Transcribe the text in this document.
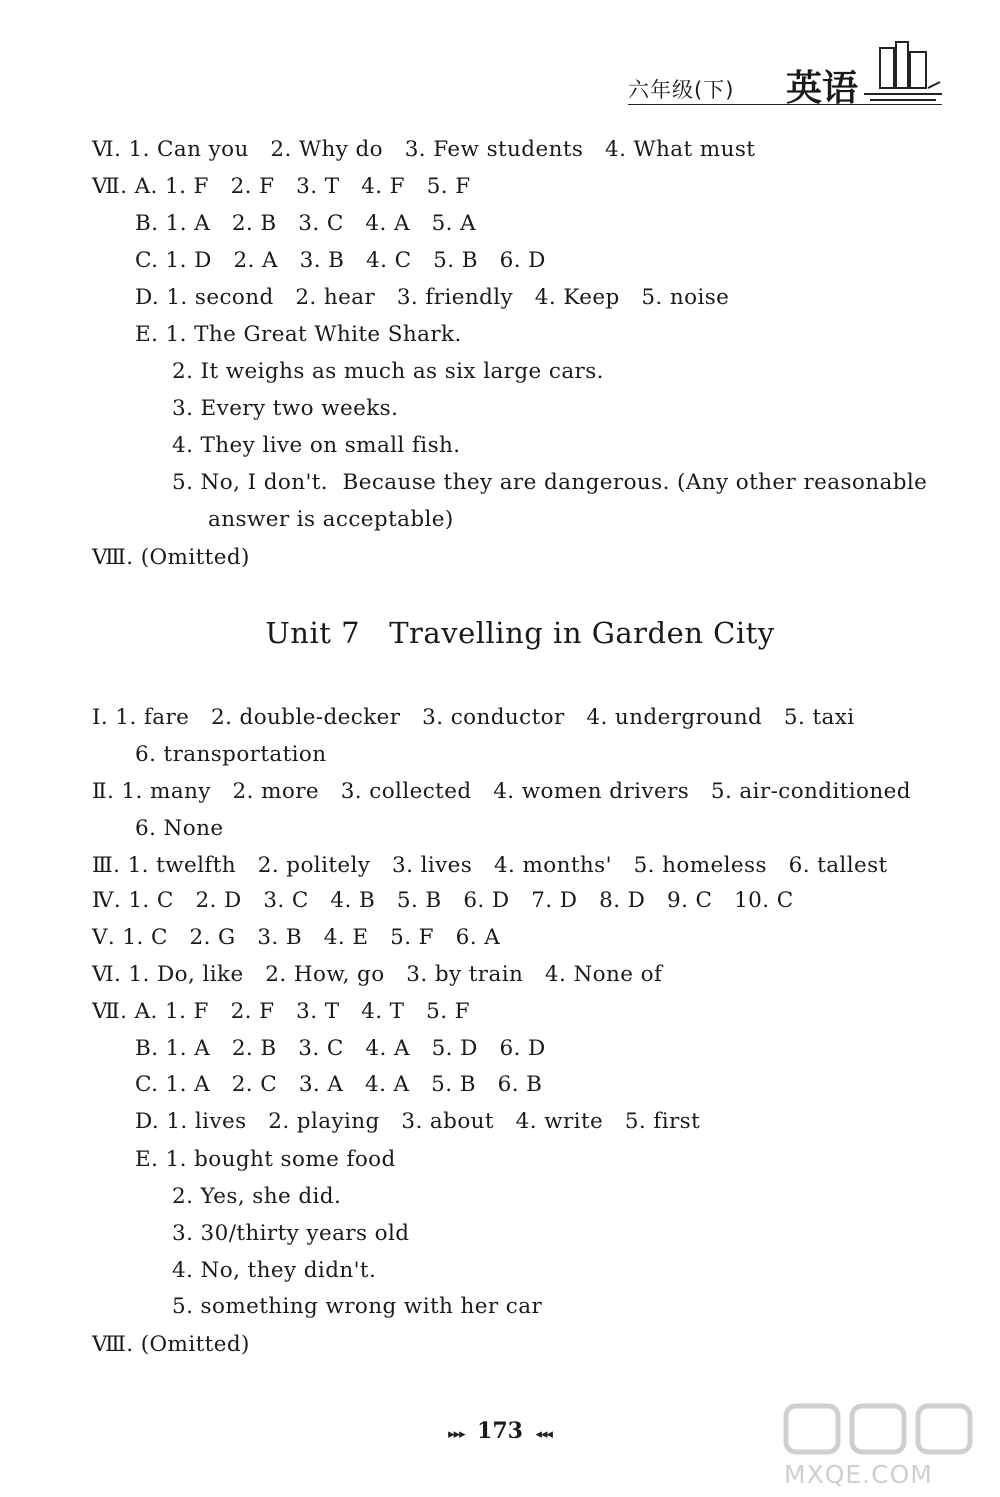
六年级(下) 英语
Ⅵ. 1. Can you   2. Why do   3. Few students   4. What must
Ⅶ. A. 1. F   2. F   3. T   4. F   5. F
B. 1. A   2. B   3. C   4. A   5. A
C. 1. D   2. A   3. B   4. C   5. B   6. D
D. 1. second   2. hear   3. friendly   4. Keep   5. noise
E. 1. The Great White Shark.
2. It weighs as much as six large cars.
3. Every two weeks.
4. They live on small fish.
5. No, I don't.  Because they are dangerous. (Any other reasonable
answer is acceptable)
Ⅷ. (Omitted)
Unit 7   Travelling in Garden City
Ⅰ. 1. fare   2. double-decker   3. conductor   4. underground   5. taxi
6. transportation
Ⅱ. 1. many   2. more   3. collected   4. women drivers   5. air-conditioned
6. None
Ⅲ. 1. twelfth   2. politely   3. lives   4. months'   5. homeless   6. tallest
Ⅳ. 1. C   2. D   3. C   4. B   5. B   6. D   7. D   8. D   9. C   10. C
Ⅴ. 1. C   2. G   3. B   4. E   5. F   6. A
Ⅵ. 1. Do, like   2. How, go   3. by train   4. None of
Ⅶ. A. 1. F   2. F   3. T   4. T   5. F
B. 1. A   2. B   3. C   4. A   5. D   6. D
C. 1. A   2. C   3. A   4. A   5. B   6. B
D. 1. lives   2. playing   3. about   4. write   5. first
E. 1. bought some food
2. Yes, she did.
3. 30/thirty years old
4. No, they didn't.
5. something wrong with her car
Ⅷ. (Omitted)
▸▸▸ 173 ◂◂◂
MXQE.COM
